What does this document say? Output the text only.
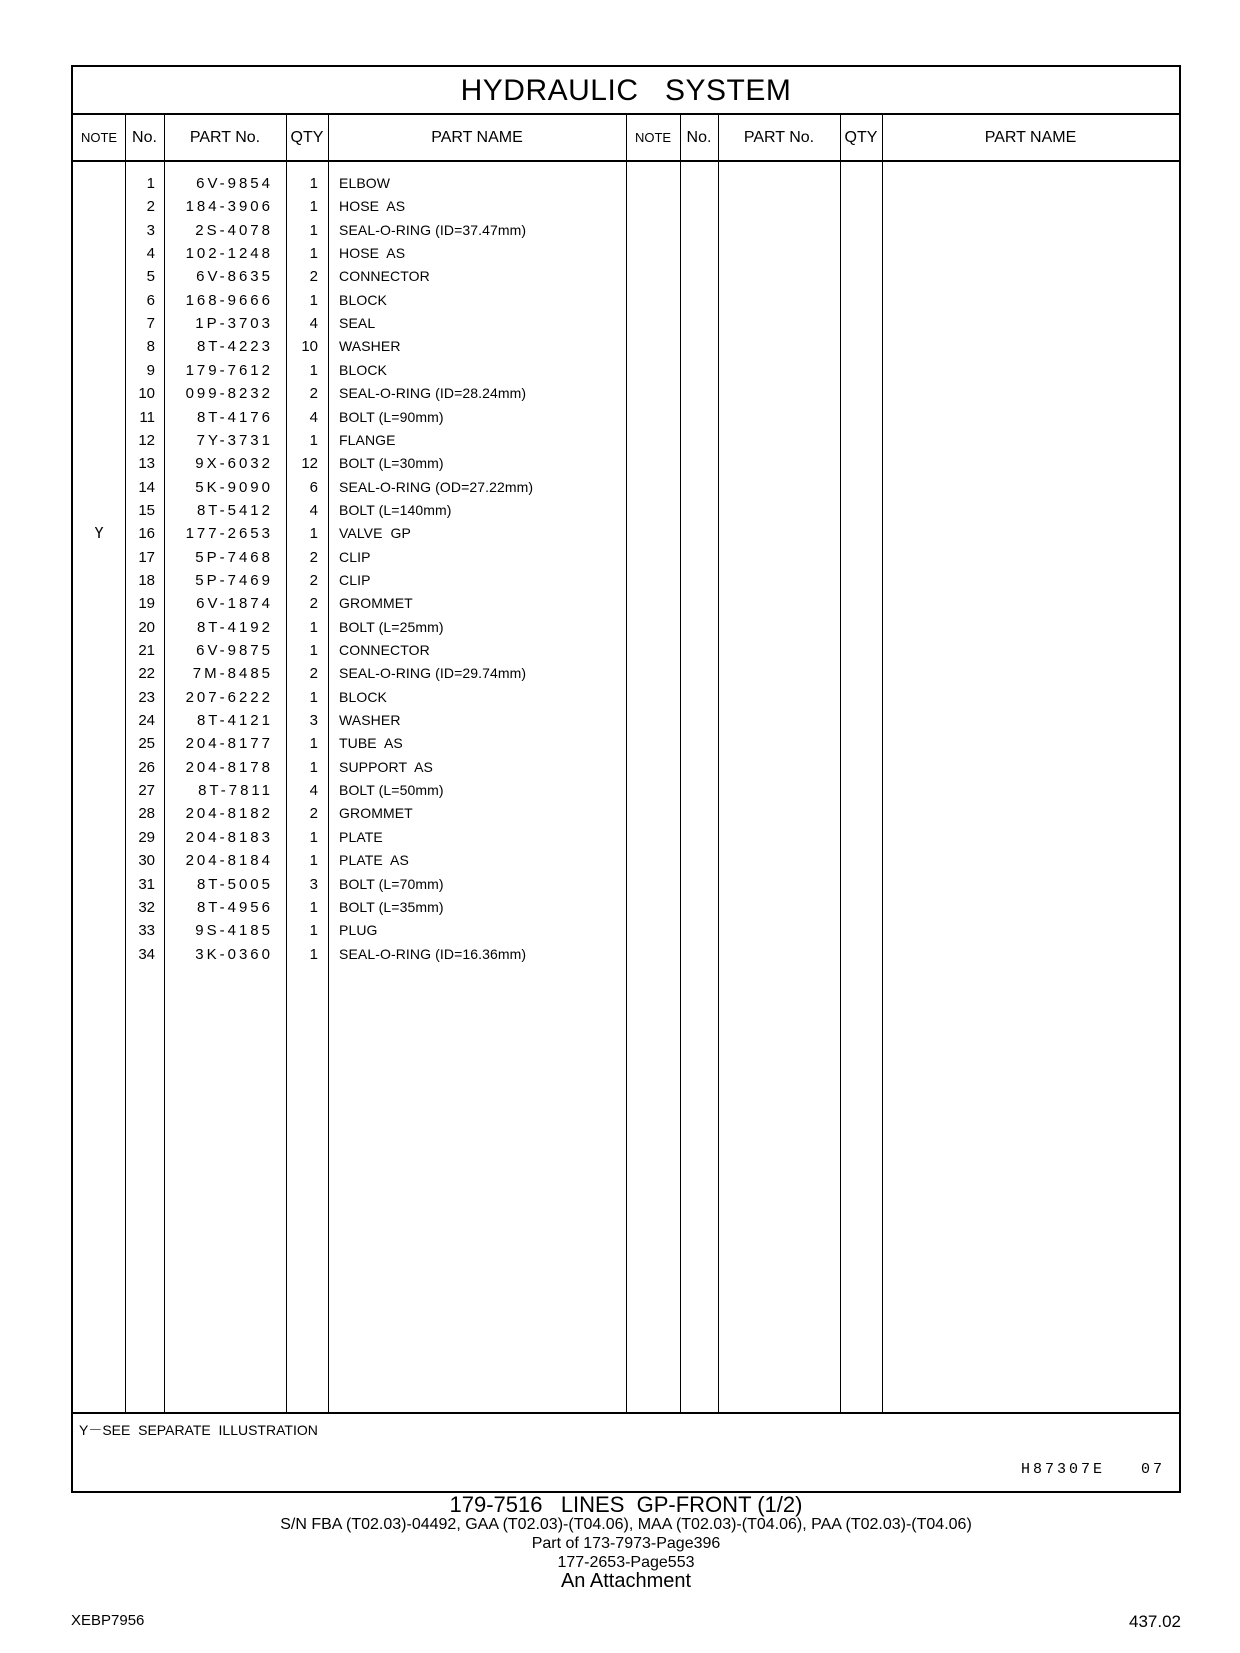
HYDRAULIC   SYSTEM
NOTE No.	PART No.	QTY	PART NAME	NOTE No.	PART No.	QTY	PART NAME
1	6V-9854	1 ELBOW
2	184-3906	1 HOSE  AS
3	2S-4078	1 SEAL-O-RING (ID=37.47mm)
4	102-1248	1 HOSE  AS
5	6V-8635	2 CONNECTOR
6	168-9666	1 BLOCK
7	1P-3703	4 SEAL
8	8T-4223	10 WASHER
9	179-7612	1 BLOCK
10	099-8232	2 SEAL-O-RING (ID=28.24mm)
11	8T-4176	4 BOLT (L=90mm)
12	7Y-3731	1 FLANGE
13	9X-6032	12 BOLT (L=30mm)
14	5K-9090	6 SEAL-O-RING (OD=27.22mm)
15	8T-5412	4 BOLT (L=140mm)
Y	16	177-2653	1 VALVE  GP
17	5P-7468	2 CLIP
18	5P-7469	2 CLIP
19	6V-1874	2 GROMMET
20	8T-4192	1 BOLT (L=25mm)
21	6V-9875	1 CONNECTOR
22	7M-8485	2 SEAL-O-RING (ID=29.74mm)
23	207-6222	1 BLOCK
24	8T-4121	3 WASHER
25	204-8177	1 TUBE  AS
26	204-8178	1 SUPPORT  AS
27	8T-7811	4 BOLT (L=50mm)
28	204-8182	2 GROMMET
29	204-8183	1 PLATE
30	204-8184	1 PLATE  AS
31	8T-5005	3 BOLT (L=70mm)
32	8T-4956	1 BOLT (L=35mm)
33	9S-4185	1 PLUG
34	3K-0360	1 SEAL-O-RING (ID=16.36mm)
Y－SEE  SEPARATE  ILLUSTRATION
H87307E   07
179-7516   LINES  GP-FRONT (1/2)
S/N FBA (T02.03)-04492, GAA (T02.03)-(T04.06), MAA (T02.03)-(T04.06), PAA (T02.03)-(T04.06)
Part of 173-7973-Page396
177-2653-Page553
An Attachment
XEBP7956	437.02
